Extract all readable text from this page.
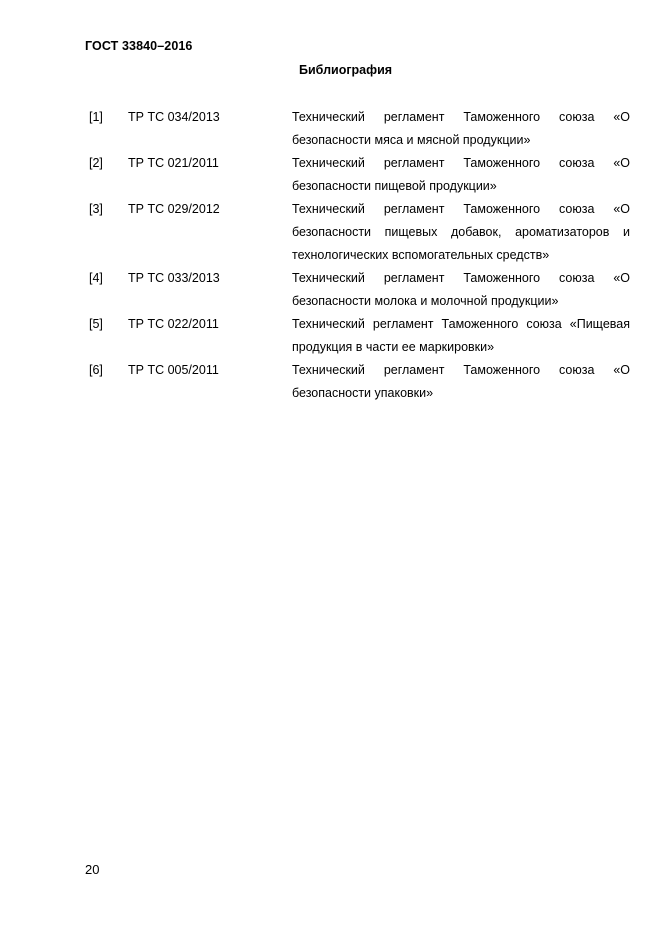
ГОСТ 33840–2016
Библиография
[1] ТР ТС 034/2013	Технический регламент Таможенного союза «О безопасности мяса и мясной продукции»
[2] ТР ТС 021/2011	Технический регламент Таможенного союза «О безопасности пищевой продукции»
[3] ТР ТС 029/2012	Технический регламент Таможенного союза «О безопасности пищевых добавок, ароматизаторов и технологических вспомогательных средств»
[4] ТР ТС 033/2013	Технический регламент Таможенного союза «О безопасности молока и молочной продукции»
[5] ТР ТС 022/2011	Технический регламент Таможенного союза «Пищевая продукция в части ее маркировки»
[6] ТР ТС 005/2011	Технический регламент Таможенного союза «О безопасности упаковки»
20
